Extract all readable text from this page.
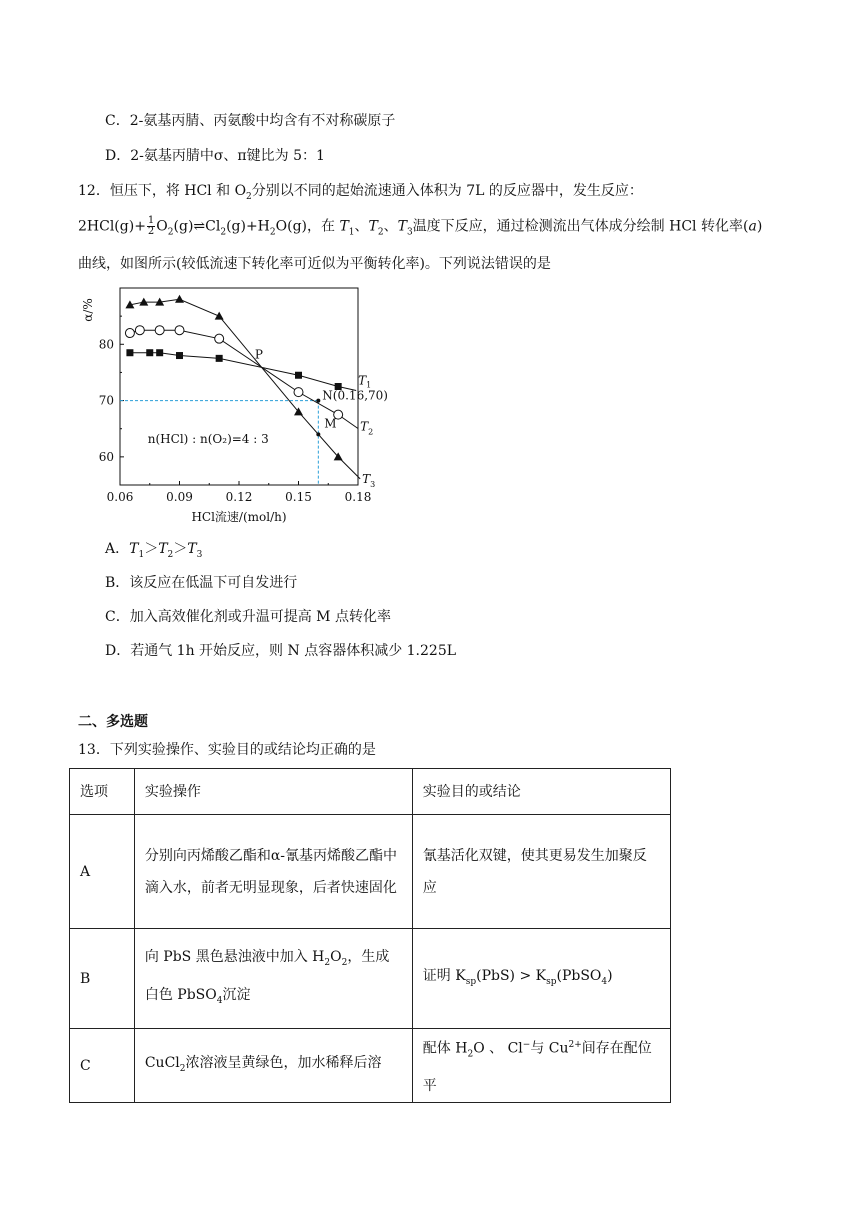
C．2-氨基丙腈、丙氨酸中均含有不对称碳原子
D．2-氨基丙腈中σ、π键比为 5：1
12．恒压下，将 HCl 和 $O_2$分别以不同的起始流速通入体积为 7L 的反应器中，发生反应：
$2HCl(g)+ \frac{1}{2}$ $O_2(g)\rightleftharpoons Cl_2(g)+H_2O(g)$，在 $T_1$、$T_2$、$T_3$温度下反应，通过检测流出气体成分绘制 HCl 转化率(a)
曲线，如图所示(较低流速下转化率可近似为平衡转化率)。下列说法错误的是
0.06	0.09	0.12	0.15	0.18
60
70
80
HCl流速/(mol/h)
α/%
T 1
T 2
T 3
P
M
N(0.16,70)
n(HCl) : n(O₂)=4 : 3
A．$T_1>T_2>T_3$
B．该反应在低温下可自发进行
C．加入高效催化剂或升温可提高 M 点转化率
D．若通气 1h 开始反应，则 N 点容器体积减少 1.225L
二、多选题
13．下列实验操作、实验目的或结论均正确的是
选项	实验操作	实验目的或结论
A	分别向丙烯酸乙酯和α-氰基丙烯酸乙酯中滴入水，前者无明显现象，后者快速固化	氰基活化双键，使其更易发生加聚反应
B	向 PbS 黑色悬浊液中加入 $H_2O_2$，生成白色 PbSO$_4$沉淀	证明 $K_{sp}(PbS)$ > $K_{sp}(PbSO_4)$
C	CuCl$_2$浓溶液呈黄绿色，加水稀释后溶	配体 $H_2O$ 、 Cl−与 $Cu^{2+}$间存在配位平
